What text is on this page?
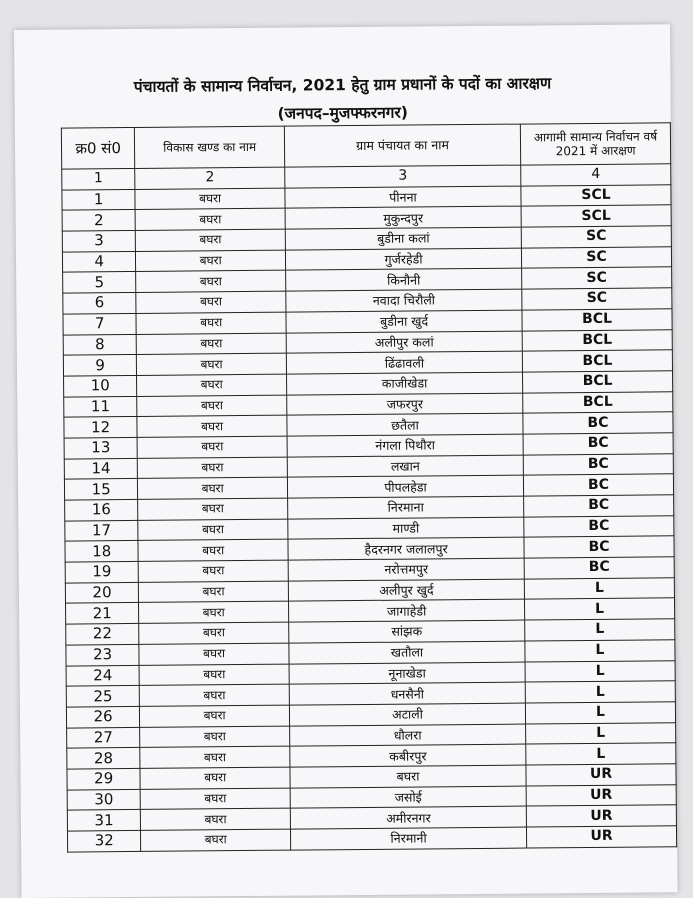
पंचायतों के सामान्य निर्वाचन, 2021 हेतु ग्राम प्रधानों के पदों का आरक्षण
(जनपद–मुजफ्फरनगर)
क्र0 सं0	विकास खण्ड का नाम	ग्राम पंचायत का नाम	आगामी सामान्य निर्वाचन वर्ष 2021 में आरक्षण
1	2	3	4
1	बघरा	पीनना	SCL
2	बघरा	मुकुन्दपुर	SCL
3	बघरा	बुडीना कलां	SC
4	बघरा	गुर्जरहेडी	SC
5	बघरा	किनौनी	SC
6	बघरा	नवादा चिरौली	SC
7	बघरा	बुडीना खुर्द	BCL
8	बघरा	अलीपुर कलां	BCL
9	बघरा	ढिंढावली	BCL
10	बघरा	काजीखेडा	BCL
11	बघरा	जफरपुर	BCL
12	बघरा	छतैला	BC
13	बघरा	नंगला पिथौरा	BC
14	बघरा	लखान	BC
15	बघरा	पीपलहेडा	BC
16	बघरा	निरमाना	BC
17	बघरा	माण्डी	BC
18	बघरा	हैदरनगर जलालपुर	BC
19	बघरा	नरोत्तमपुर	BC
20	बघरा	अलीपुर खुर्द	L
21	बघरा	जागाहेडी	L
22	बघरा	सांझक	L
23	बघरा	खतौला	L
24	बघरा	नूनाखेडा	L
25	बघरा	धनसैनी	L
26	बघरा	अटाली	L
27	बघरा	धौलरा	L
28	बघरा	कबीरपुर	L
29	बघरा	बघरा	UR
30	बघरा	जसोई	UR
31	बघरा	अमीरनगर	UR
32	बघरा	निरमानी	UR
